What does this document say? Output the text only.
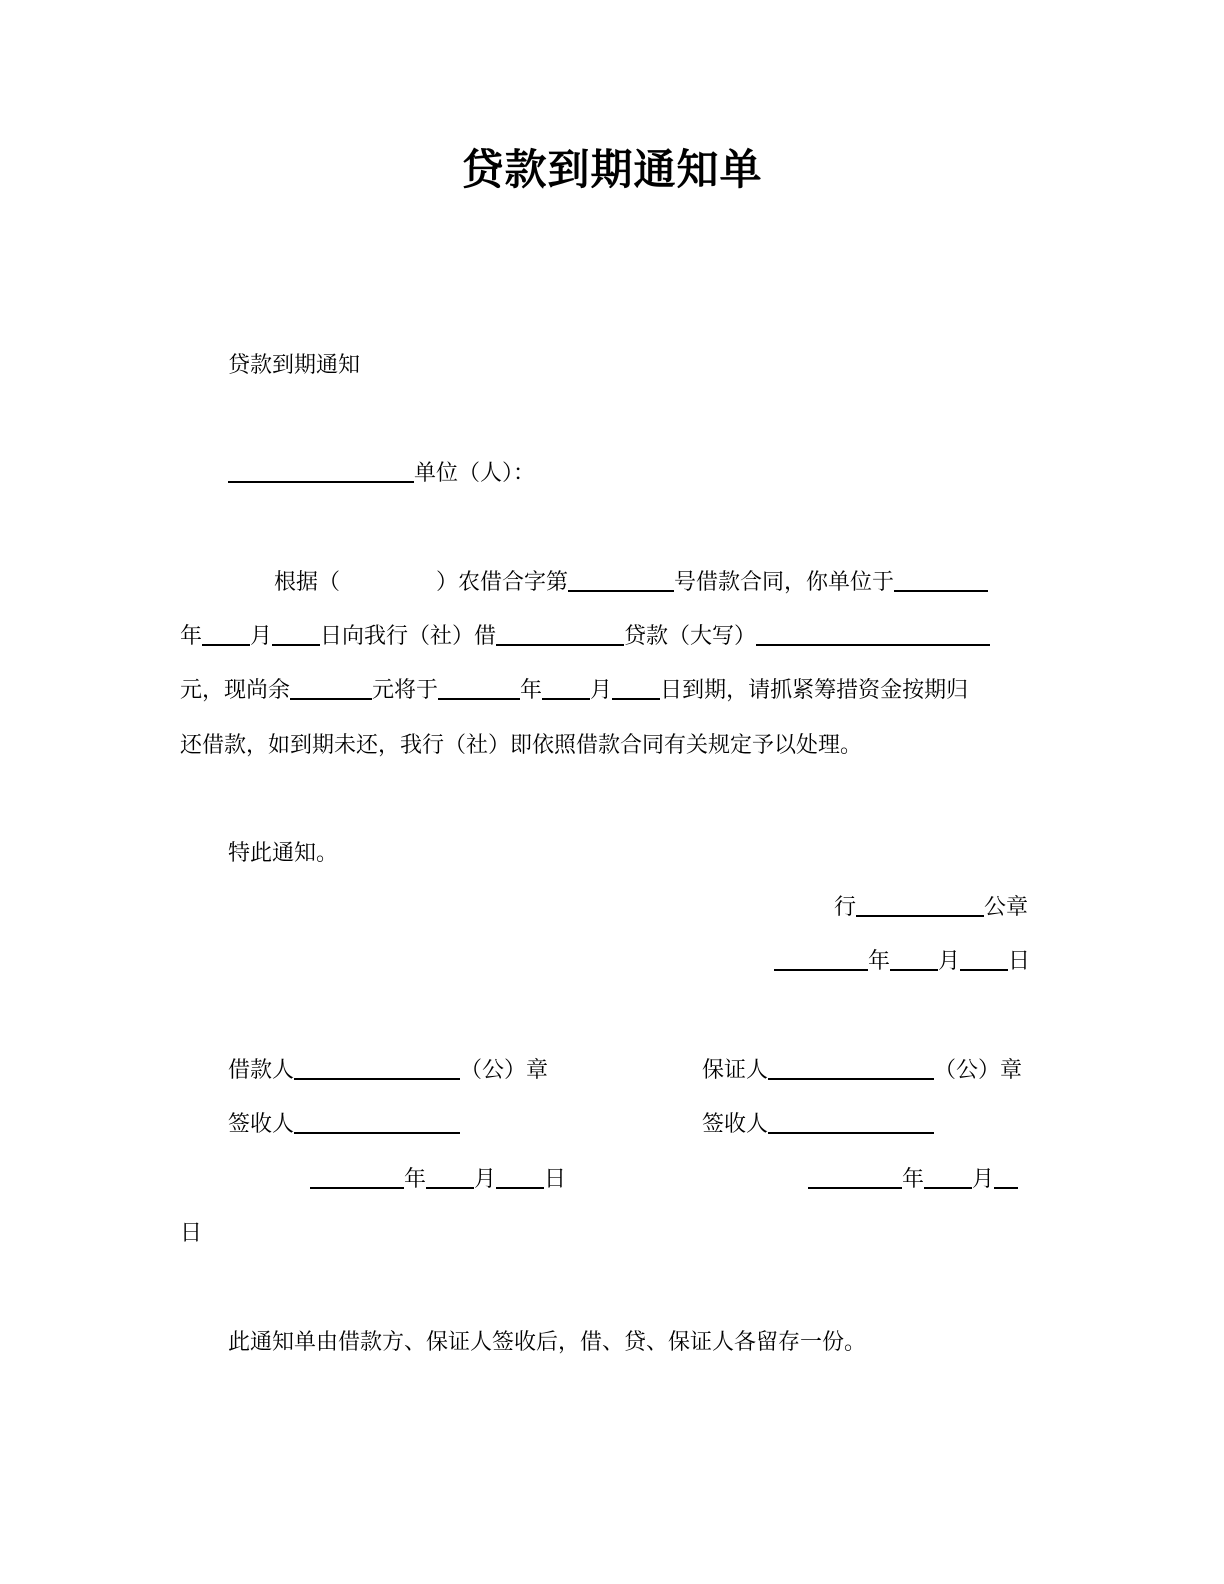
贷款到期通知单
贷款到期通知
单位（人）：
根据（	）农借合字第	号借款合同，你单位于
年 月 日向我行（社）借	贷款（大写）
元，现尚余	元将于	年 月 日到期，请抓紧筹措资金按期归
还借款，如到期未还，我行（社）即依照借款合同有关规定予以处理。
特此通知。
行	公章
年 月 日
借款人	（公）章	保证人	（公）章
签收人	签收人
年 月 日	年 月
日
此通知单由借款方、保证人签收后，借、贷、保证人各留存一份。
